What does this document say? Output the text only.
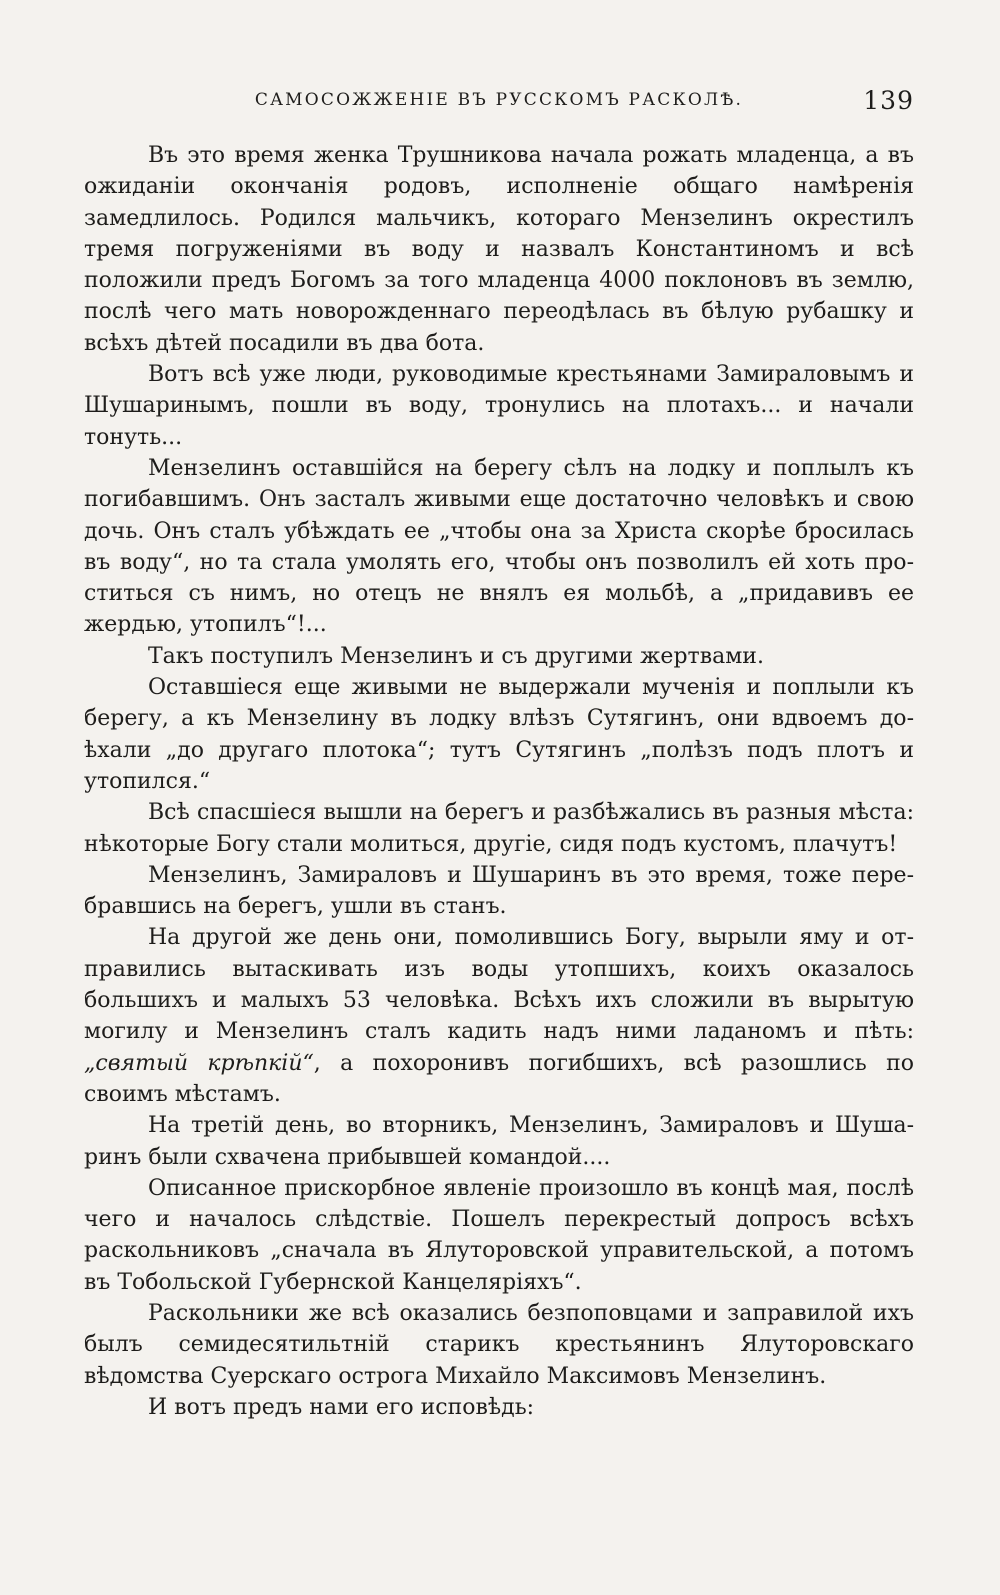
САМОСОЖЖЕНІЕ ВЪ РУССКОМЪ РАСКОЛѢ.	139

Въ это время женка Трушникова начала рожать младенца, а въ ожиданіи окончанія родовъ, исполненіе общаго намѣренія замедлилось. Родился мальчикъ, котораго Мензелинъ окрестилъ тремя погруженіями въ воду и назвалъ Константиномъ и всѣ положили предъ Богомъ за того младенца 4000 поклоновъ въ землю, послѣ чего мать новорожденнаго переодѣлась въ бѣлую рубашку и всѣхъ дѣтей посадили въ два бота.

Вотъ всѣ уже люди, руководимые крестьянами Замираловымъ и Шушаринымъ, пошли въ воду, тронулись на плотахъ... и начали тонуть...

Мензелинъ оставшійся на берегу сѣлъ на лодку и поплылъ къ погибавшимъ. Онъ засталъ живыми еще достаточно человѣкъ и свою дочь. Онъ сталъ убѣждать ее „чтобы она за Христа скорѣе бросилась въ воду“, но та стала умолять его, чтобы онъ позволилъ ей хоть проститься съ нимъ, но отецъ не внялъ ея мольбѣ, а „придавивъ ее жердью, утопилъ“!...

Такъ поступилъ Мензелинъ и съ другими жертвами.

Оставшіеся еще живыми не выдержали мученія и поплыли къ берегу, а къ Мензелину въ лодку влѣзъ Сутягинъ, они вдвоемъ доѣхали „до другаго плотока“; тутъ Сутягинъ „полѣзъ подъ плотъ и утопился.“

Всѣ спасшіеся вышли на берегъ и разбѣжались въ разныя мѣста: нѣкоторые Богу стали молиться, другіе, сидя подъ кустомъ, плачутъ!

Мензелинъ, Замираловъ и Шушаринъ въ это время, тоже перебравшись на берегъ, ушли въ станъ.

На другой же день они, помолившись Богу, вырыли яму и отправились вытаскивать изъ воды утопшихъ, коихъ оказалось большихъ и малыхъ 53 человѣка. Всѣхъ ихъ сложили въ вырытую могилу и Мензелинъ сталъ кадить надъ ними ладаномъ и пѣть: „святый крѣпкій“, а похоронивъ погибшихъ, всѣ разошлись по своимъ мѣстамъ.

На третій день, во вторникъ, Мензелинъ, Замираловъ и Шушаринъ были схвачена прибывшей командой....

Описанное прискорбное явленіе произошло въ концѣ мая, послѣ чего и началось слѣдствіе. Пошелъ перекрестый допросъ всѣхъ раскольниковъ „сначала въ Ялуторовской управительской, а потомъ въ Тобольской Губернской Канцеляріяхъ“.

Раскольники же всѣ оказались безпоповцами и заправилой ихъ былъ семидесятильтній старикъ крестьянинъ Ялуторовскаго вѣдомства Суерскаго острога Михайло Максимовъ Мензелинъ.

И вотъ предъ нами его исповѣдь:
